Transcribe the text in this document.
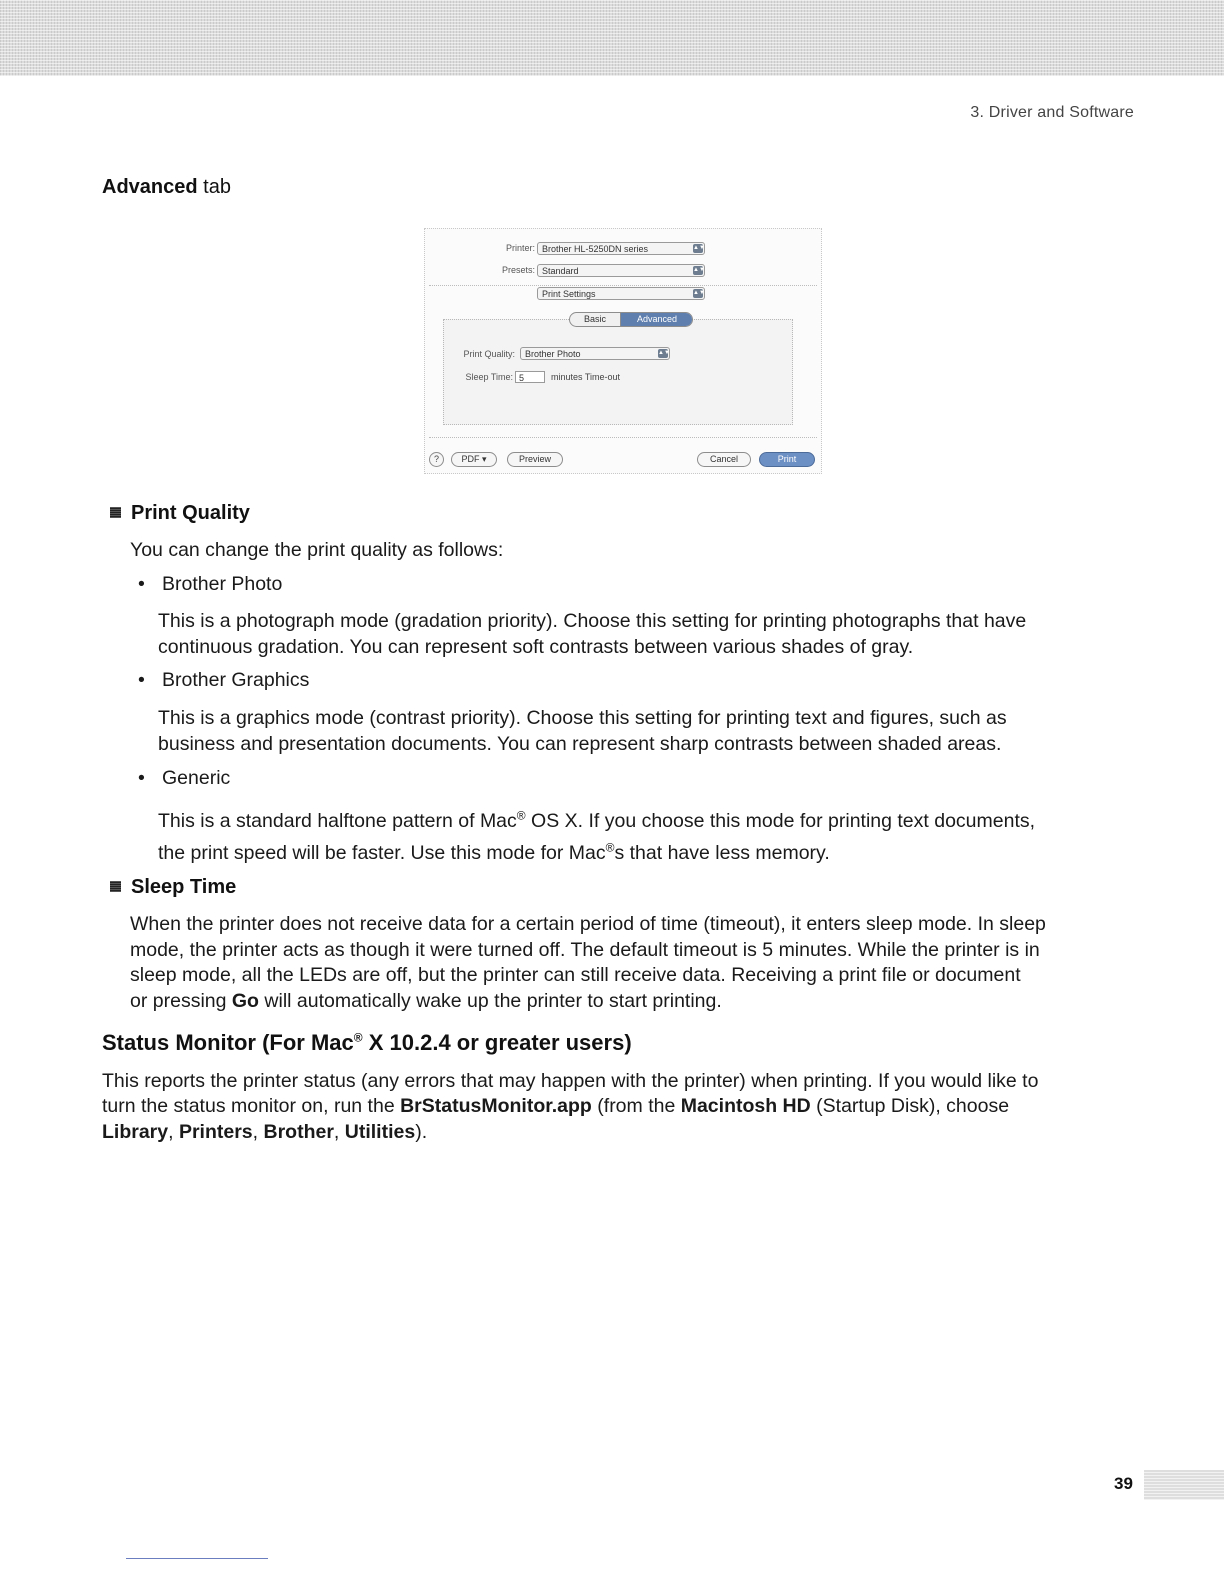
3. Driver and Software
Advanced tab
Printer: Brother HL-5250DN series	▲▼
Presets: Standard	▲▼
Print Settings	▲▼
Basic	Advanced
Print Quality:	Brother Photo	▲▼
Sleep Time: 5	minutes Time-out
?	PDF ▾	Preview	Cancel	Print
Print Quality
You can change the print quality as follows:
• Brother Photo
This is a photograph mode (gradation priority). Choose this setting for printing photographs that have
continuous gradation. You can represent soft contrasts between various shades of gray.
• Brother Graphics
This is a graphics mode (contrast priority). Choose this setting for printing text and figures, such as
business and presentation documents. You can represent sharp contrasts between shaded areas.
• Generic
This is a standard halftone pattern of Mac® OS X. If you choose this mode for printing text documents,
the print speed will be faster. Use this mode for Mac®s that have less memory.
Sleep Time
When the printer does not receive data for a certain period of time (timeout), it enters sleep mode. In sleep
mode, the printer acts as though it were turned off. The default timeout is 5 minutes. While the printer is in
sleep mode, all the LEDs are off, but the printer can still receive data. Receiving a print file or document
or pressing Go will automatically wake up the printer to start printing.
Status Monitor (For Mac® X 10.2.4 or greater users)
This reports the printer status (any errors that may happen with the printer) when printing. If you would like to
turn the status monitor on, run the BrStatusMonitor.app (from the Macintosh HD (Startup Disk), choose
Library, Printers, Brother, Utilities).
39
